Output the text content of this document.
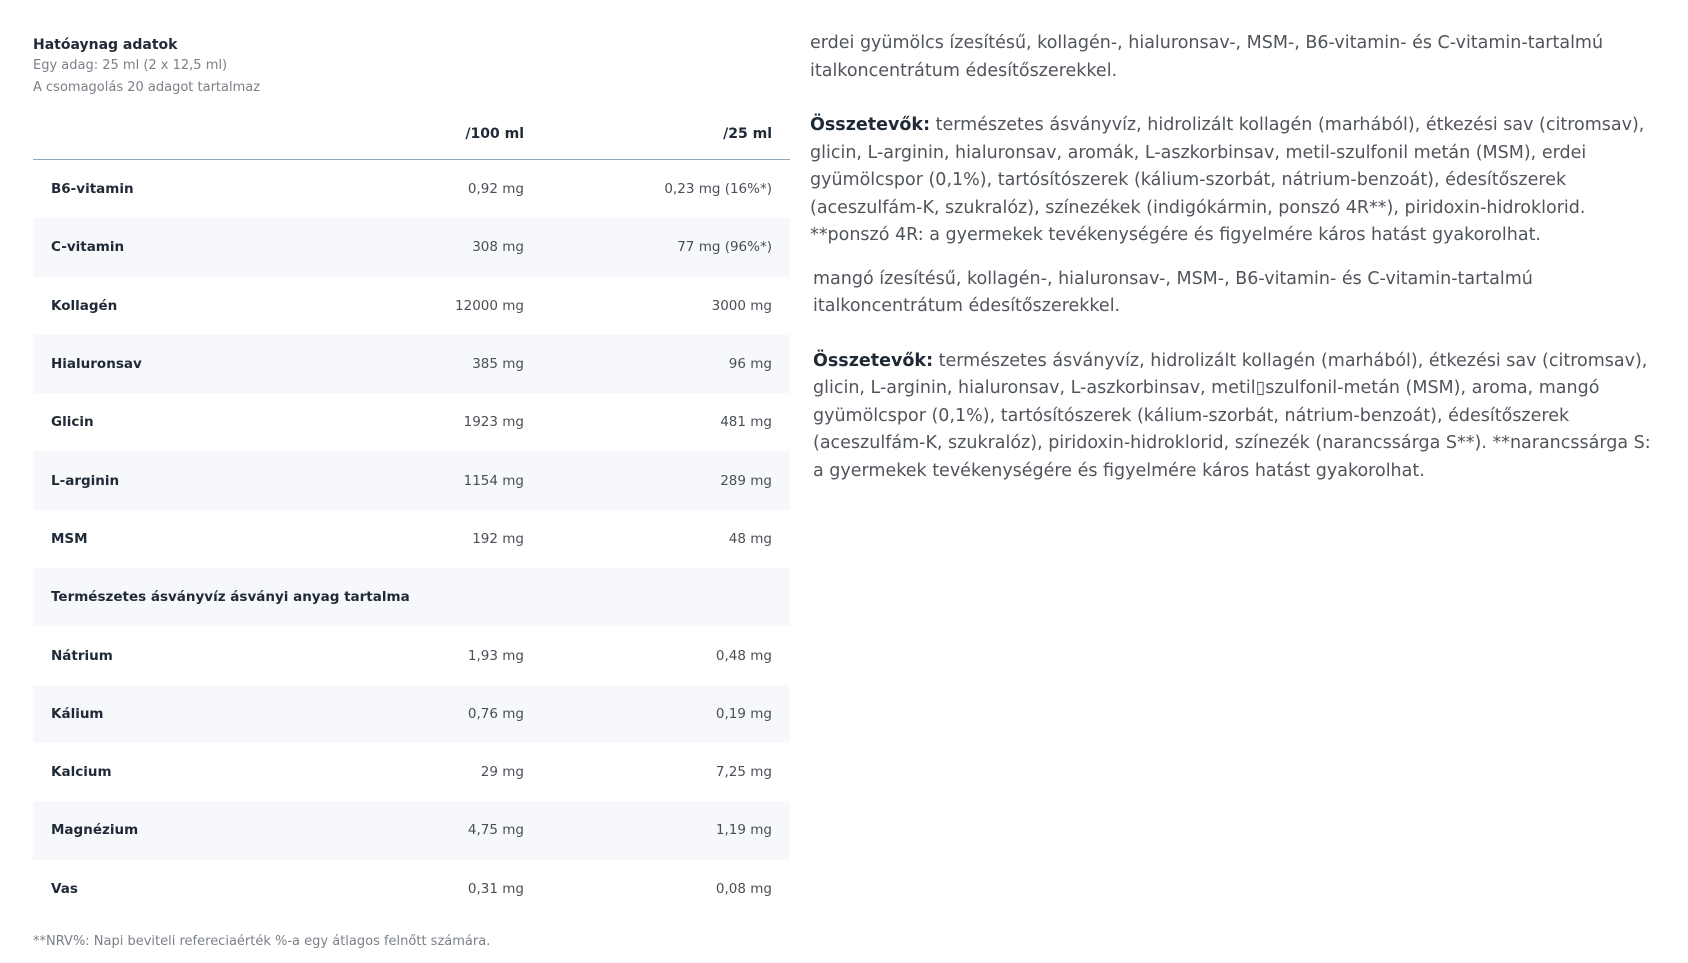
Hatóaynag adatok
Egy adag: 25 ml (2 x 12,5 ml)
A csomagolás 20 adagot tartalmaz
	/100 ml	/25 ml
B6-vitamin	0,92 mg	0,23 mg (16%*)
C-vitamin	308 mg	77 mg (96%*)
Kollagén	12000 mg	3000 mg
Hialuronsav	385 mg	96 mg
Glicin	1923 mg	481 mg
L-arginin	1154 mg	289 mg
MSM	192 mg	48 mg
Természetes ásványvíz ásványi anyag tartalma		
Nátrium	1,93 mg	0,48 mg
Kálium	0,76 mg	0,19 mg
Kalcium	29 mg	7,25 mg
Magnézium	4,75 mg	1,19 mg
Vas	0,31 mg	0,08 mg
**NRV%: Napi beviteli refereciaérték %-a egy átlagos felnőtt számára.

erdei gyümölcs ízesítésű, kollagén-, hialuronsav-, MSM-, B6-vitamin- és C-vitamin-tartalmú italkoncentrátum édesítőszerekkel.

Összetevők: természetes ásványvíz, hidrolizált kollagén (marhából), étkezési sav (citromsav), glicin, L-arginin, hialuronsav, aromák, L-aszkorbinsav, metil-szulfonil metán (MSM), erdei gyümölcspor (0,1%), tartósítószerek (kálium-szorbát, nátrium-benzoát), édesítőszerek (aceszulfám-K, szukralóz), színezékek (indigókármin, ponszó 4R**), piridoxin-hidroklorid. **ponszó 4R: a gyermekek tevékenységére és figyelmére káros hatást gyakorolhat.

mangó ízesítésű, kollagén-, hialuronsav-, MSM-, B6-vitamin- és C-vitamin-tartalmú italkoncentrátum édesítőszerekkel.

Összetevők: természetes ásványvíz, hidrolizált kollagén (marhából), étkezési sav (citromsav), glicin, L-arginin, hialuronsav, L-aszkorbinsav, metil▯szulfonil-metán (MSM), aroma, mangó gyümölcspor (0,1%), tartósítószerek (kálium-szorbát, nátrium-benzoát), édesítőszerek (aceszulfám-K, szukralóz), piridoxin-hidroklorid, színezék (narancssárga S**). **narancssárga S: a gyermekek tevékenységére és figyelmére káros hatást gyakorolhat.
